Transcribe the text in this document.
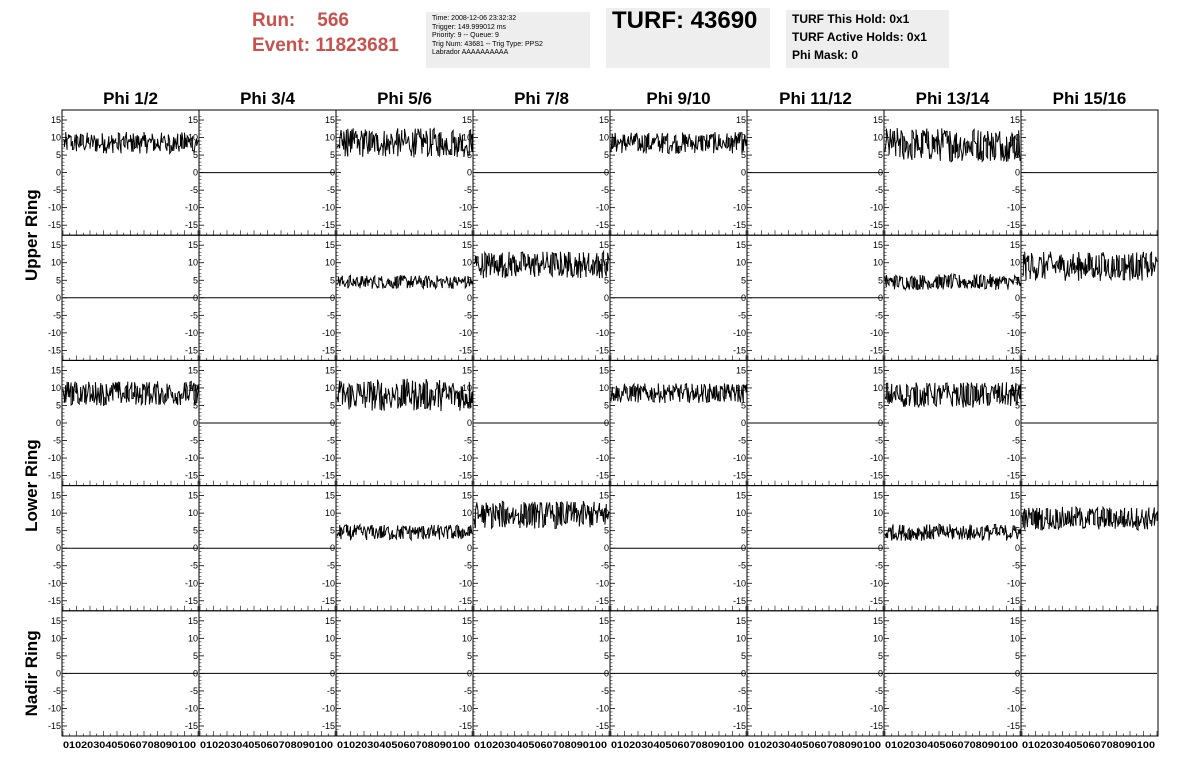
Run: 566
Event: 11823681
Time: 2008-12-06 23:32:32
Trigger: 149.999012 ms
Priority: 9 -- Queue: 9
Trig Num: 43681 -- Trig Type: PPS2
Labrador AAAAAAAAAA
TURF: 43690	TURF This Hold: 0x1
TURF Active Holds: 0x1
Phi Mask: 0
Phi 1/2	Phi 3/4	Phi 5/6	Phi 7/8	Phi 9/10	Phi 11/12	Phi 13/14	Phi 15/16
Upper Ring
Lower Ring
Nadir Ring
15
10
5
0
-5
-10
-15
15
10
5
0
-5
-10
-15
15
10
5
0
-5
-10
-15
15
10
5
0
-5
-10
-15
15
10
5
0
-5
-10
-15
15
10
5
0
-5
-10
-15
15
10
5
0
-5
-10
-15
15
10
5
0
-5
-10
-15
15
10
5
0
-5
-10
-15
15
10
5
0
-5
-10
-15
15
10
5
0
-5
-10
-15
15
10
5
0
-5
-10
-15
15
10
5
0
-5
-10
-15
15
10
5
0
-5
-10
-15
15
10
5
0
-5
-10
-15
15
10
5
0
-5
-10
-15
15
10
5
0
-5
-10
-15
15
10
5
0
-5
-10
-15
15
10
5
0
-5
-10
-15
15
10
5
0
-5
-10
-15
15
10
5
0
-5
-10
-15
15
10
5
0
-5
-10
-15
15
10
5
0
-5
-10
-15
15
10
5
0
-5
-10
-15
15
10
5
0
-5
-10
-15
15
10
5
0
-5
-10
-15
15
10
5
0
-5
-10
-15
15
10
5
0
-5
-10
-15
15
10
5
0
-5
-10
-15
15
10
5
0
-5
-10
-15
15
10
5
0
-5
-10
-15
15
10
5
0
-5
-10
-15
15
10
5
0
-5
-10
-15
15
10
5
0
-5
-10
-15
15
10
5
0
-5
-10
-15
15
10
5
0
-5
-10
-15
15
10
5
0
-5
-10
-15
15
10
5
0
-5
-10
-15
15
10
5
0
-5
-10
-15
15
10
5
0
-5
-10
-15
0102030405060708090100 0102030405060708090100 0102030405060708090100 0102030405060708090100 0102030405060708090100 0102030405060708090100 0102030405060708090100 0102030405060708090100
